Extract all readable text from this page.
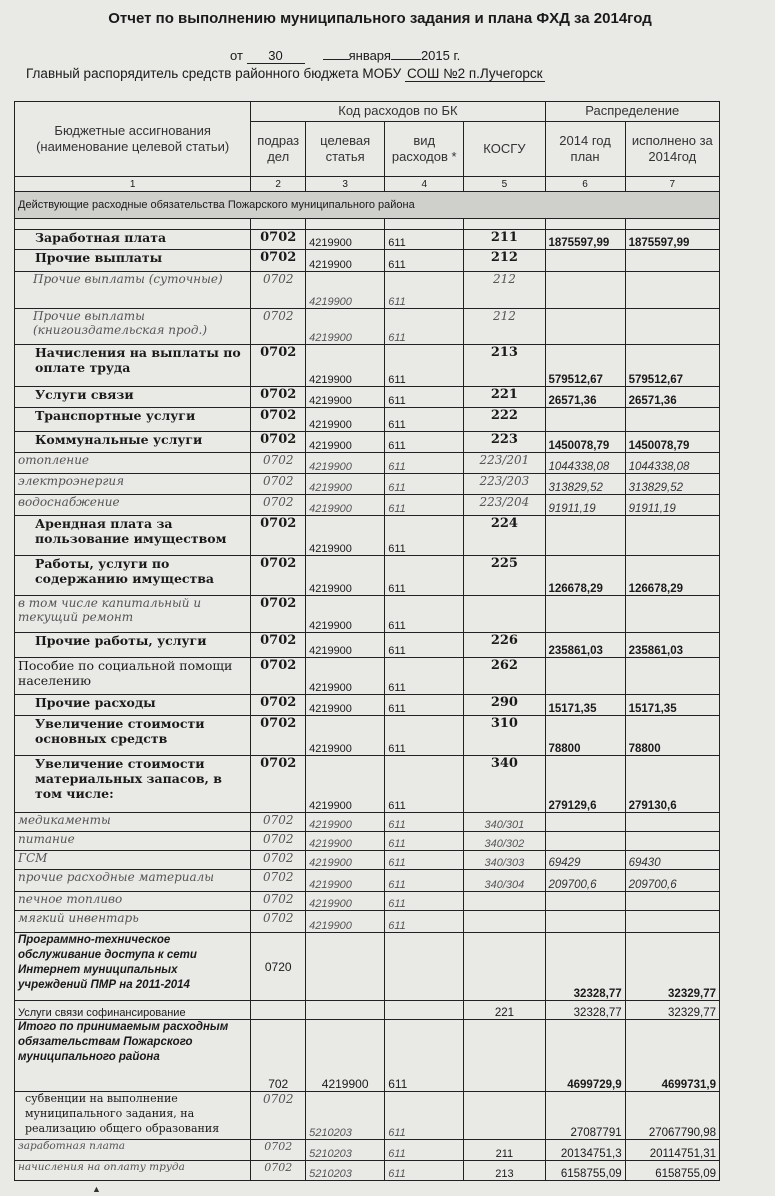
Отчет по выполнению муниципального задания и плана ФХД за 2014год
от 30	января 2015 г.
Главный распорядитель средств районного бюджета МОБУ СОШ №2 п.Лучегорск
Бюджетные ассигнования (наименование целевой статьи)	Код расходов по БК				Распределение	
	подраз дел	целевая статья	вид расходов *	КОСГУ	2014 год план	исполнено за 2014год
1	2	3	4	5	6	7
Действующие расходные обязательства Пожарского муниципального района						

Заработная плата	0702	4219900	611	211	1875597,99	1875597,99
Прочие выплаты	0702	4219900	611	212		
Прочие выплаты (суточные)	0702	4219900	611	212		
Прочие выплаты (книгоиздательская прод.)	0702	4219900	611	212		
Начисления на выплаты по оплате труда	0702	4219900	611	213	579512,67	579512,67
Услуги связи	0702	4219900	611	221	26571,36	26571,36
Транспортные услуги	0702	4219900	611	222		
Коммунальные услуги	0702	4219900	611	223	1450078,79	1450078,79
отопление	0702	4219900	611	223/201	1044338,08	1044338,08
электроэнергия	0702	4219900	611	223/203	313829,52	313829,52
водоснабжение	0702	4219900	611	223/204	91911,19	91911,19
Арендная плата за пользование имуществом	0702	4219900	611	224		
Работы, услуги по содержанию имущества	0702	4219900	611	225	126678,29	126678,29
в том числе капитальный и текущий ремонт	0702	4219900	611			
Прочие работы, услуги	0702	4219900	611	226	235861,03	235861,03
Пособие по социальной помощи населению	0702	4219900	611	262		
Прочие расходы	0702	4219900	611	290	15171,35	15171,35
Увеличение стоимости основных средств	0702	4219900	611	310	78800	78800
Увеличение стоимости материальных запасов, в том числе:	0702	4219900	611	340	279129,6	279130,6
медикаменты	0702	4219900	611	340/301		
питание	0702	4219900	611	340/302		
ГСМ	0702	4219900	611	340/303	69429	69430
прочие расходные материалы	0702	4219900	611	340/304	209700,6	209700,6
печное топливо	0702	4219900	611			
мягкий инвентарь	0702	4219900	611			
Программно-техническое обслуживание доступа к сети Интернет муниципальных учреждений ПМР на 2011-2014	0720				32328,77	32329,77
Услуги связи софинансирование				221	32328,77	32329,77
Итого по принимаемым расходным обязательствам Пожарского муниципального района	702	4219900	611		4699729,9	4699731,9
субвенции на выполнение муниципального задания, на реализацию общего образования	0702	5210203	611		27087791	27067790,98
заработная плата	0702	5210203	611	211	20134751,3	20114751,31
начисления на оплату труда	0702	5210203	611	213	6158755,09	6158755,09
▲
